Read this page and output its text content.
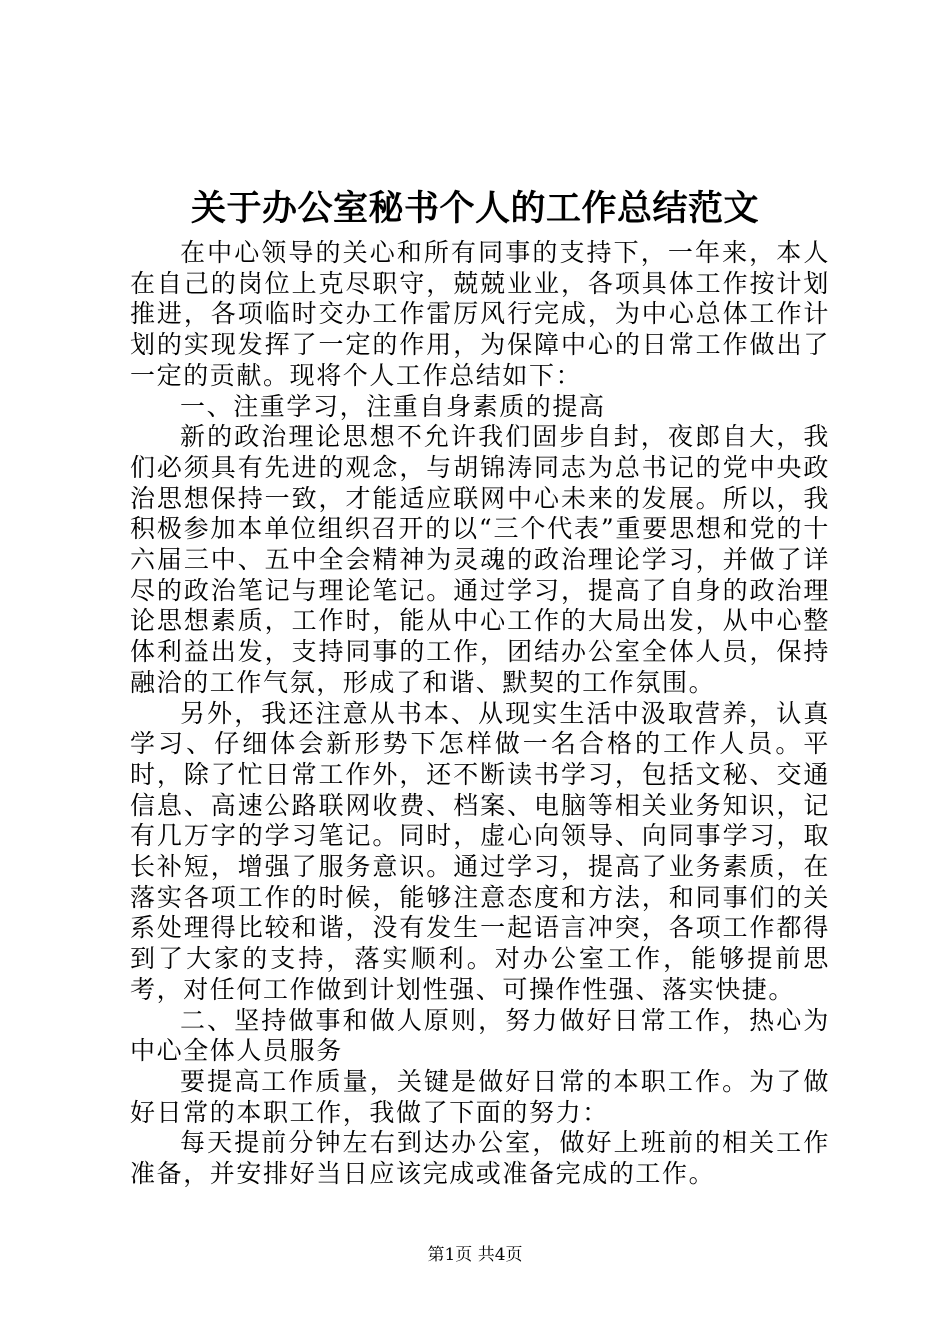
关于办公室秘书个人的工作总结范文

在中心领导的关心和所有同事的支持下，一年来，本人在自己的岗位上克尽职守，兢兢业业，各项具体工作按计划推进，各项临时交办工作雷厉风行完成，为中心总体工作计划的实现发挥了一定的作用，为保障中心的日常工作做出了一定的贡献。现将个人工作总结如下：

一、注重学习，注重自身素质的提高

新的政治理论思想不允许我们固步自封，夜郎自大，我们必须具有先进的观念，与胡锦涛同志为总书记的党中央政治思想保持一致，才能适应联网中心未来的发展。所以，我积极参加本单位组织召开的以“三个代表”重要思想和党的十六届三中、五中全会精神为灵魂的政治理论学习，并做了详尽的政治笔记与理论笔记。通过学习，提高了自身的政治理论思想素质，工作时，能从中心工作的大局出发，从中心整体利益出发，支持同事的工作，团结办公室全体人员，保持融洽的工作气氛，形成了和谐、默契的工作氛围。

另外，我还注意从书本、从现实生活中汲取营养，认真学习、仔细体会新形势下怎样做一名合格的工作人员。平时，除了忙日常工作外，还不断读书学习，包括文秘、交通信息、高速公路联网收费、档案、电脑等相关业务知识，记有几万字的学习笔记。同时，虚心向领导、向同事学习，取长补短，增强了服务意识。通过学习，提高了业务素质，在落实各项工作的时候，能够注意态度和方法，和同事们的关系处理得比较和谐，没有发生一起语言冲突，各项工作都得到了大家的支持，落实顺利。对办公室工作，能够提前思考，对任何工作做到计划性强、可操作性强、落实快捷。

二、坚持做事和做人原则，努力做好日常工作，热心为中心全体人员服务

要提高工作质量，关键是做好日常的本职工作。为了做好日常的本职工作，我做了下面的努力：

每天提前分钟左右到达办公室，做好上班前的相关工作准备，并安排好当日应该完成或准备完成的工作。

第1页 共4页
